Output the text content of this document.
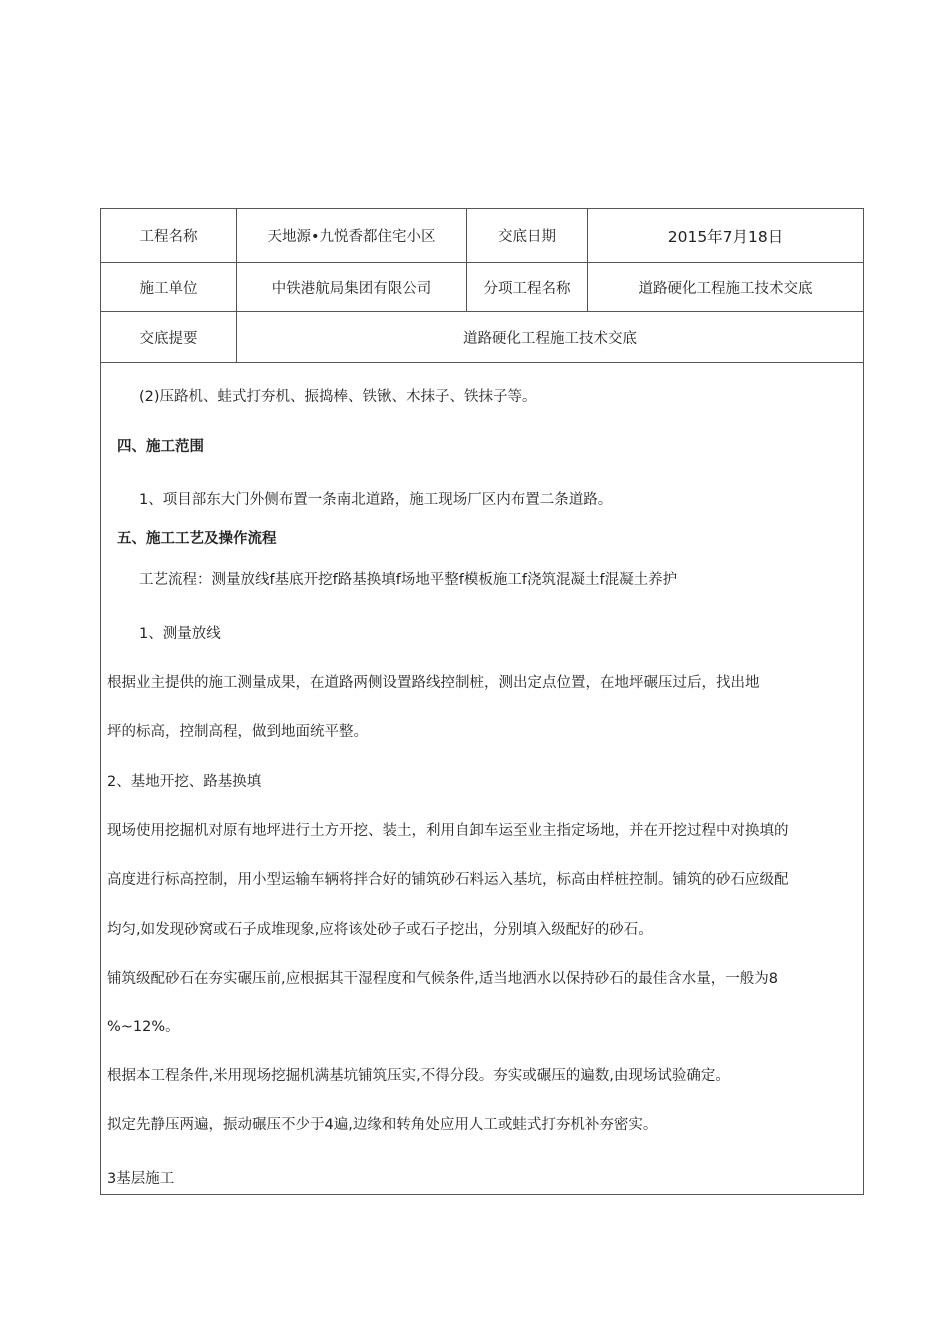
工程名称	天地源•九悦香都住宅小区	交底日期	2015年7月18日
施工单位	中铁港航局集团有限公司	分项工程名称	道路硬化工程施工技术交底
交底提要	道路硬化工程施工技术交底
(2)压路机、蛙式打夯机、振捣棒、铁锹、木抹子、铁抹子等。
四、施工范围
1、项目部东大门外侧布置一条南北道路，施工现场厂区内布置二条道路。
五、施工工艺及操作流程
工艺流程：测量放线f基底开挖f路基换填f场地平整f模板施工f浇筑混凝土f混凝土养护
1、测量放线
根据业主提供的施工测量成果，在道路两侧设置路线控制桩，测出定点位置，在地坪碾压过后，找出地
坪的标高，控制高程，做到地面统平整。
2、基地开挖、路基换填
现场使用挖掘机对原有地坪进行土方开挖、装土，利用自卸车运至业主指定场地，并在开挖过程中对换填的
高度进行标高控制，用小型运输车辆将拌合好的铺筑砂石料运入基坑，标高由样桩控制。铺筑的砂石应级配
均匀,如发现砂窝或石子成堆现象,应将该处砂子或石子挖出，分别填入级配好的砂石。
铺筑级配砂石在夯实碾压前,应根据其干湿程度和气候条件,适当地洒水以保持砂石的最佳含水量，一般为8
%~12%。
根据本工程条件,米用现场挖掘机满基坑铺筑压实,不得分段。夯实或碾压的遍数,由现场试验确定。
拟定先静压两遍，振动碾压不少于4遍,边缘和转角处应用人工或蛙式打夯机补夯密实。
3基层施工
